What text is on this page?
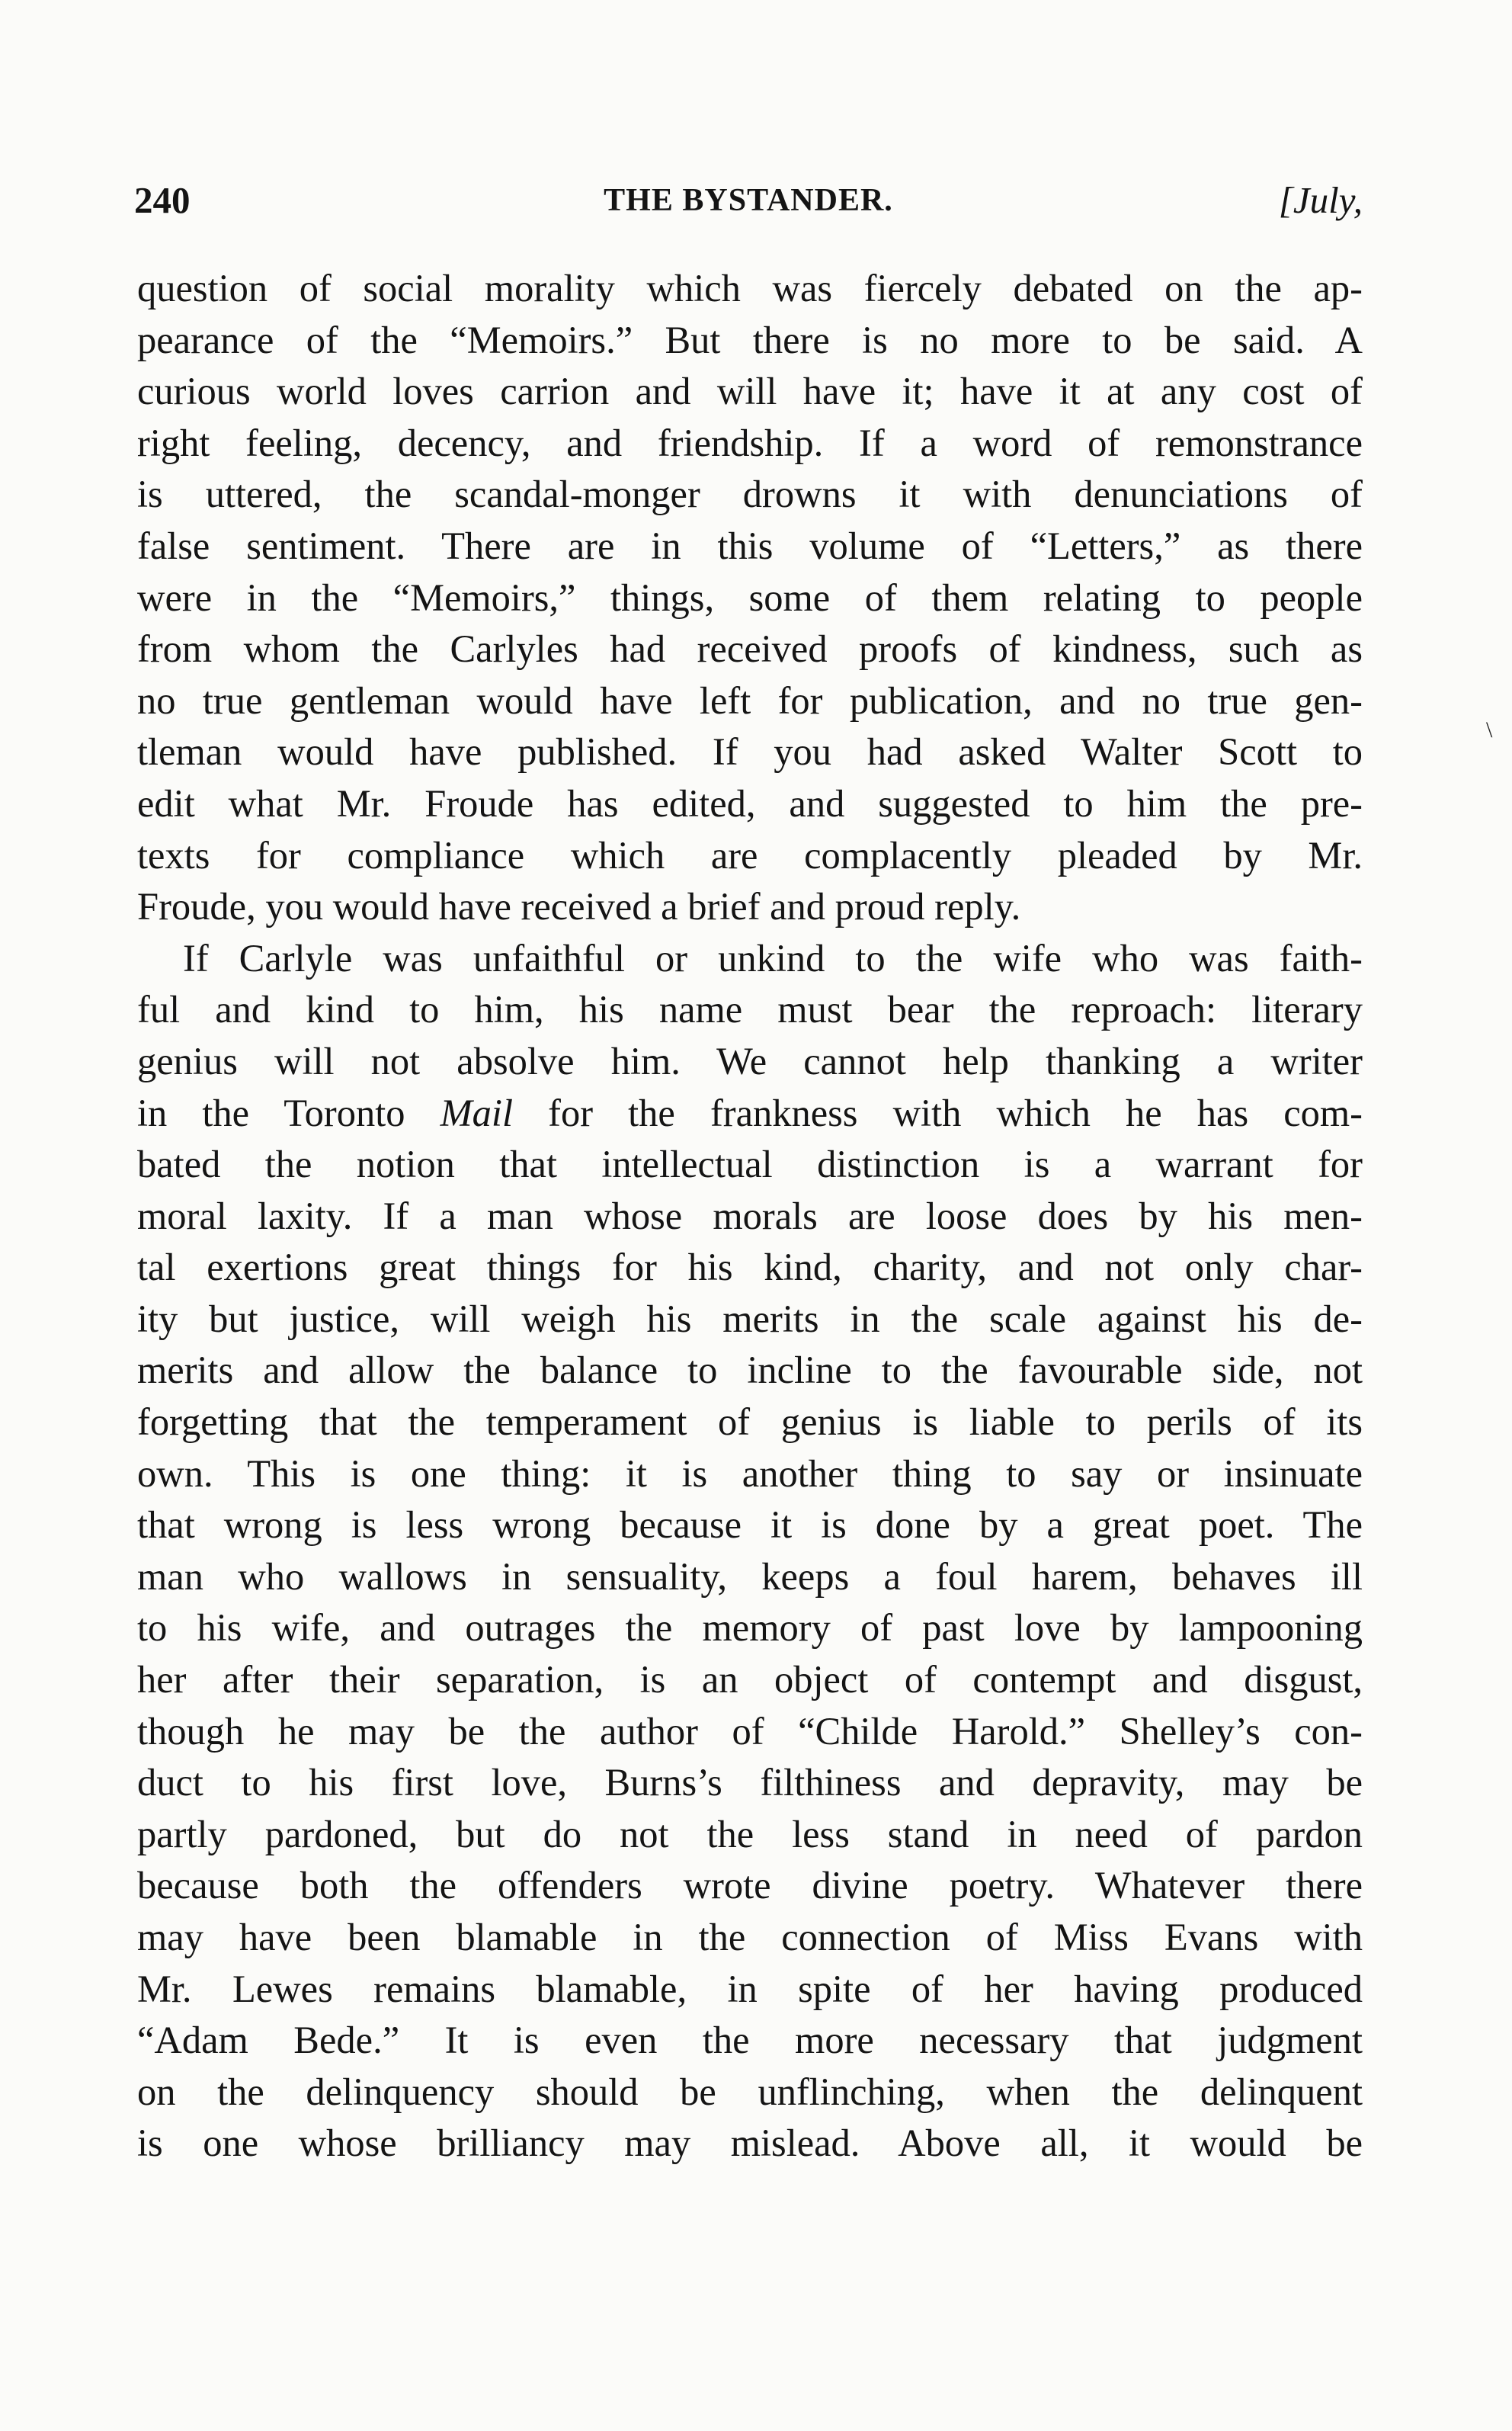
240	THE BYSTANDER.	[July,
question of social morality which was fiercely debated on the ap-
pearance of the “Memoirs.” But there is no more to be said. A
curious world loves carrion and will have it; have it at any cost of
right feeling, decency, and friendship. If a word of remonstrance
is uttered, the scandal-monger drowns it with denunciations of
false sentiment. There are in this volume of “Letters,” as there
were in the “Memoirs,” things, some of them relating to people
from whom the Carlyles had received proofs of kindness, such as
no true gentleman would have left for publication, and no true gen-
tleman would have published. If you had asked Walter Scott to
edit what Mr. Froude has edited, and suggested to him the pre-
texts for compliance which are complacently pleaded by Mr.
Froude, you would have received a brief and proud reply.
If Carlyle was unfaithful or unkind to the wife who was faith-
ful and kind to him, his name must bear the reproach: literary
genius will not absolve him. We cannot help thanking a writer
in the Toronto Mail for the frankness with which he has com-
bated the notion that intellectual distinction is a warrant for
moral laxity. If a man whose morals are loose does by his men-
tal exertions great things for his kind, charity, and not only char-
ity but justice, will weigh his merits in the scale against his de-
merits and allow the balance to incline to the favourable side, not
forgetting that the temperament of genius is liable to perils of its
own. This is one thing: it is another thing to say or insinuate
that wrong is less wrong because it is done by a great poet. The
man who wallows in sensuality, keeps a foul harem, behaves ill
to his wife, and outrages the memory of past love by lampooning
her after their separation, is an object of contempt and disgust,
though he may be the author of “Childe Harold.” Shelley’s con-
duct to his first love, Burns’s filthiness and depravity, may be
partly pardoned, but do not the less stand in need of pardon
because both the offenders wrote divine poetry. Whatever there
may have been blamable in the connection of Miss Evans with
Mr. Lewes remains blamable, in spite of her having produced
“Adam Bede.” It is even the more necessary that judgment
on the delinquency should be unflinching, when the delinquent
is one whose brilliancy may mislead. Above all, it would be
\
